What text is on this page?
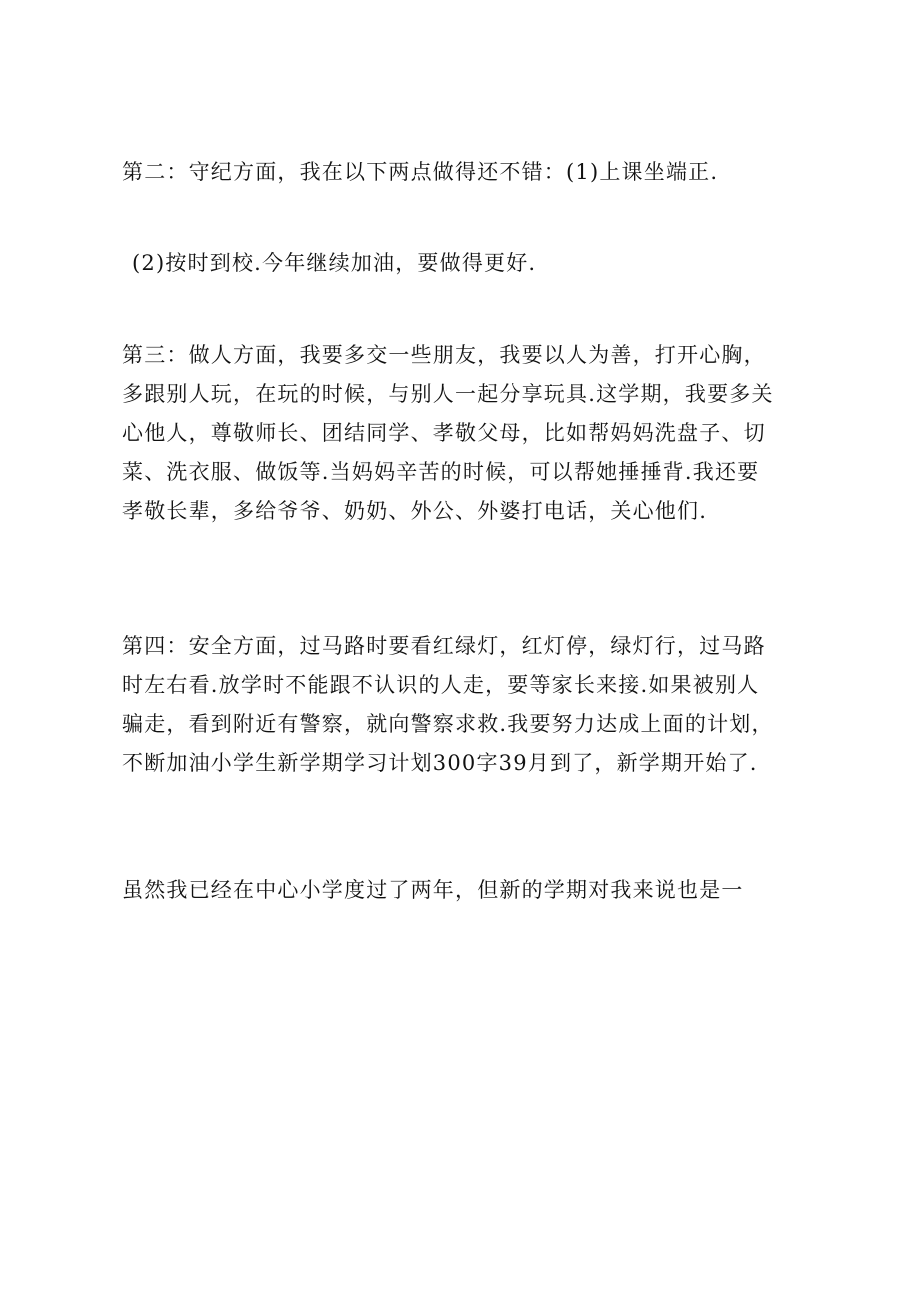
第二：守纪方面，我在以下两点做得还不错：(1)上课坐端正.
(2)按时到校.今年继续加油，要做得更好.
第三：做人方面，我要多交一些朋友，我要以人为善，打开心胸，
多跟别人玩，在玩的时候，与别人一起分享玩具.这学期，我要多关
心他人，尊敬师长、团结同学、孝敬父母，比如帮妈妈洗盘子、切
菜、洗衣服、做饭等.当妈妈辛苦的时候，可以帮她捶捶背.我还要
孝敬长辈，多给爷爷、奶奶、外公、外婆打电话，关心他们.
第四：安全方面，过马路时要看红绿灯，红灯停，绿灯行，过马路
时左右看.放学时不能跟不认识的人走，要等家长来接.如果被别人
骗走，看到附近有警察，就向警察求救.我要努力达成上面的计划，
不断加油小学生新学期学习计划300字39月到了，新学期开始了.
虽然我已经在中心小学度过了两年，但新的学期对我来说也是一
